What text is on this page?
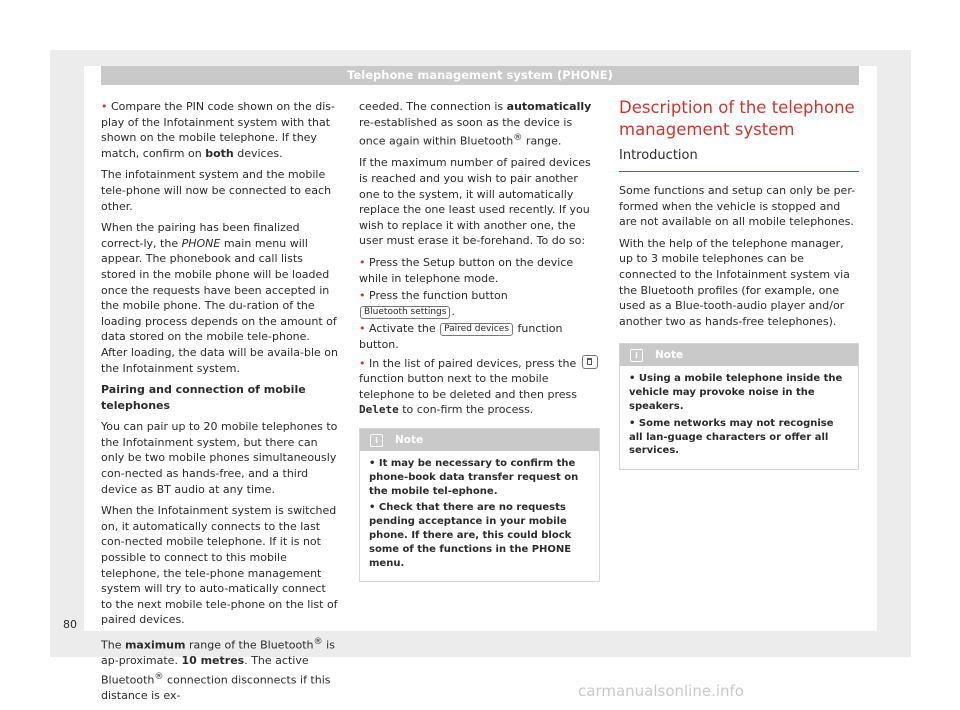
Telephone management system (PHONE)

• Compare the PIN code shown on the dis-play of the Infotainment system with that shown on the mobile telephone. If they match, confirm on both devices.

The infotainment system and the mobile tele-phone will now be connected to each other.

When the pairing has been finalized correct-ly, the PHONE main menu will appear. The phonebook and call lists stored in the mobile phone will be loaded once the requests have been accepted in the mobile phone. The du-ration of the loading process depends on the amount of data stored on the mobile tele-phone. After loading, the data will be availa-ble on the Infotainment system.

Pairing and connection of mobile telephones

You can pair up to 20 mobile telephones to the Infotainment system, but there can only be two mobile phones simultaneously con-nected as hands-free, and a third device as BT audio at any time.

When the Infotainment system is switched on, it automatically connects to the last con-nected mobile telephone. If it is not possible to connect to this mobile telephone, the tele-phone management system will try to auto-matically connect to the next mobile tele-phone on the list of paired devices.

The maximum range of the Bluetooth® is ap-proximate. 10 metres. The active Bluetooth® connection disconnects if this distance is ex-

ceeded. The connection is automatically re-established as soon as the device is once again within Bluetooth® range.

If the maximum number of paired devices is reached and you wish to pair another one to the system, it will automatically replace the one least used recently. If you wish to replace it with another one, the user must erase it be-forehand. To do so:

• Press the Setup button on the device while in telephone mode.

• Press the function button Bluetooth settings .

• Activate the Paired devices function button.

• In the list of paired devices, press the  function button next to the mobile telephone to be deleted and then press Delete to con-firm the process.

i Note

• It may be necessary to confirm the phone-book data transfer request on the mobile tel-ephone.

• Check that there are no requests pending acceptance in your mobile phone. If there are, this could block some of the functions in the PHONE menu.

Description of the telephone management system
Introduction

Some functions and setup can only be per-formed when the vehicle is stopped and are not available on all mobile telephones.

With the help of the telephone manager, up to 3 mobile telephones can be connected to the Infotainment system via the Bluetooth profiles (for example, one used as a Blue-tooth-audio player and/or another two as hands-free telephones).

i Note

• Using a mobile telephone inside the vehicle may provoke noise in the speakers.

• Some networks may not recognise all lan-guage characters or offer all services.

80
carmanualsonline.info
